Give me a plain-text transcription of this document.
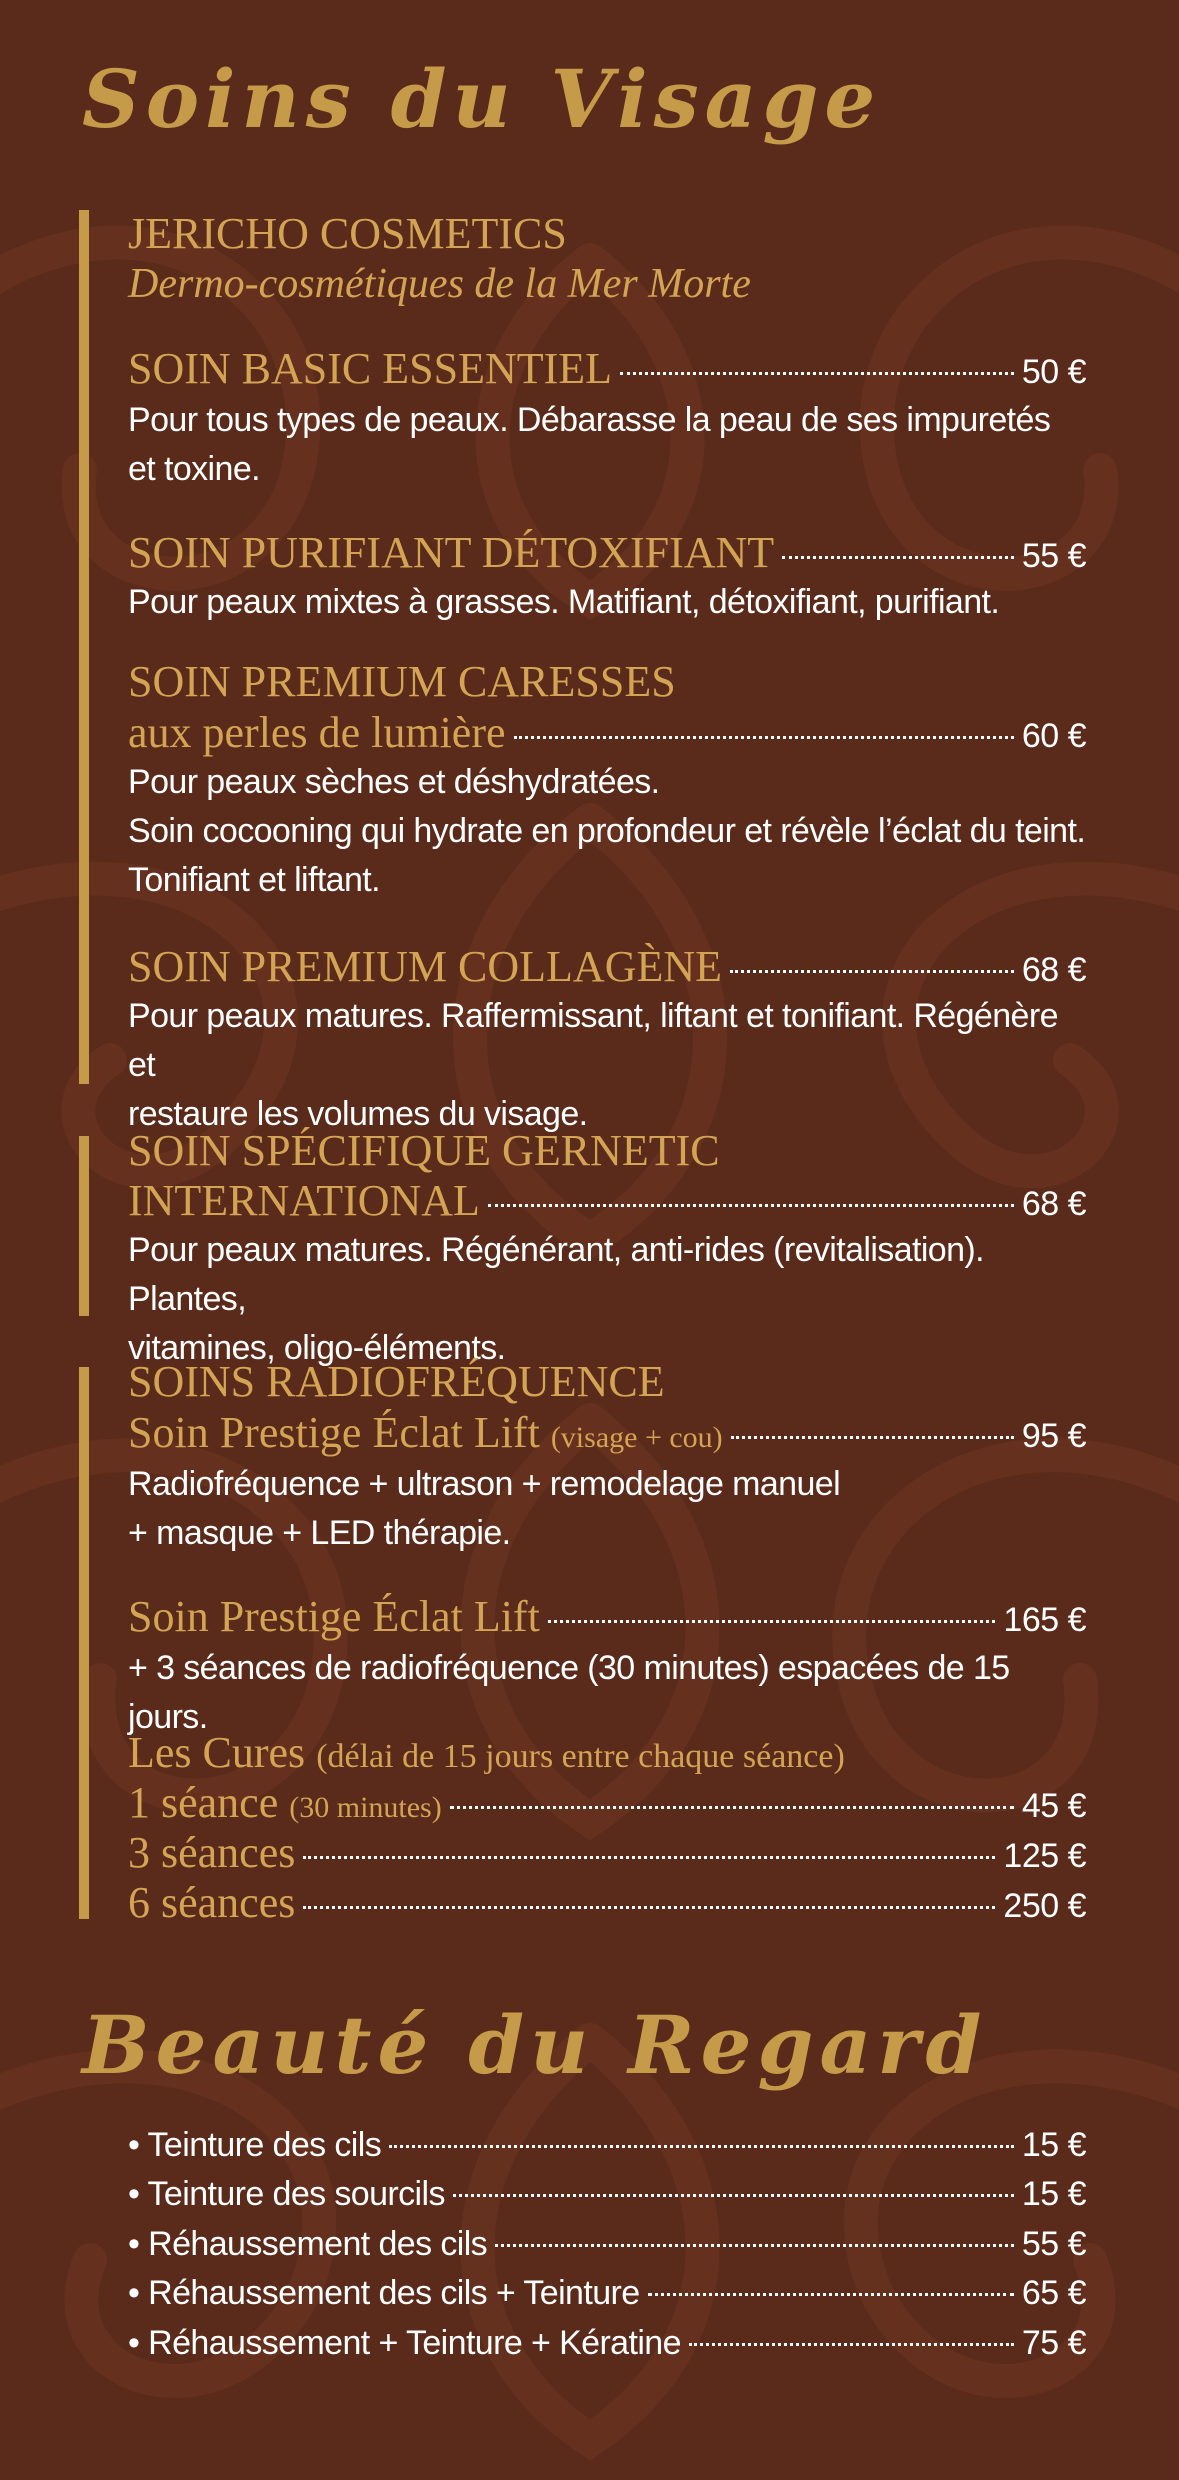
Soins du Visage
JERICHO COSMETICS
Dermo-cosmétiques de la Mer Morte
SOIN BASIC ESSENTIEL	50 €
Pour tous types de peaux. Débarasse la peau de ses impuretés
et toxine.
SOIN PURIFIANT DÉTOXIFIANT	55 €
Pour peaux mixtes à grasses. Matifiant, détoxifiant, purifiant.
SOIN PREMIUM CARESSES
aux perles de lumière	60 €
Pour peaux sèches et déshydratées.
Soin cocooning qui hydrate en profondeur et révèle l’éclat du teint.
Tonifiant et liftant.
SOIN PREMIUM COLLAGÈNE	68 €
Pour peaux matures. Raffermissant, liftant et tonifiant. Régénère et
restaure les volumes du visage.
SOIN SPÉCIFIQUE GERNETIC
INTERNATIONAL	68 €
Pour peaux matures. Régénérant, anti-rides (revitalisation). Plantes,
vitamines, oligo-éléments.
SOINS RADIOFRÉQUENCE
Soin Prestige Éclat Lift (visage + cou)	95 €
Radiofréquence + ultrason + remodelage manuel
+ masque + LED thérapie.
Soin Prestige Éclat Lift	165 €
+ 3 séances de radiofréquence (30 minutes) espacées de 15 jours.
Les Cures (délai de 15 jours entre chaque séance)
1 séance (30 minutes)	45 €
3 séances	125 €
6 séances	250 €
Beauté du Regard
• Teinture des cils	15 €
• Teinture des sourcils	15 €
• Réhaussement des cils	55 €
• Réhaussement des cils + Teinture	65 €
• Réhaussement + Teinture + Kératine	75 €
